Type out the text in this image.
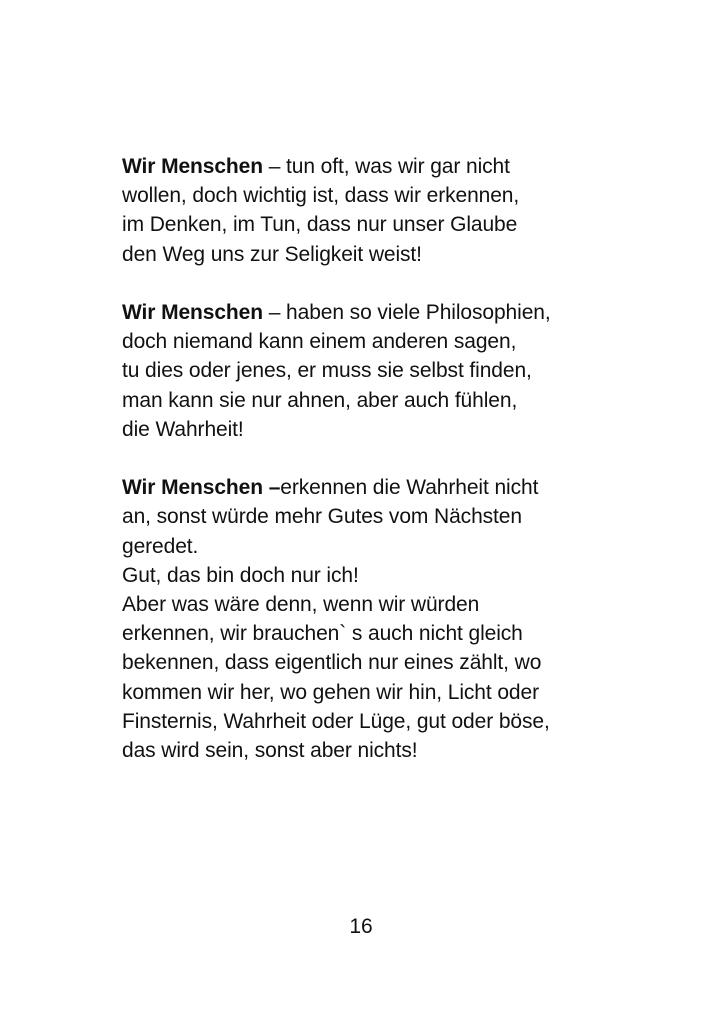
Wir Menschen – tun oft, was wir gar nicht
wollen, doch wichtig ist, dass wir erkennen,
im Denken, im Tun, dass nur unser Glaube
den Weg uns zur Seligkeit weist!

Wir Menschen – haben so viele Philosophien,
doch niemand kann einem anderen sagen,
tu dies oder jenes, er muss sie selbst finden,
man kann sie nur ahnen, aber auch fühlen,
die Wahrheit!

Wir Menschen –erkennen die Wahrheit nicht
an, sonst würde mehr Gutes vom Nächsten
geredet.
Gut, das bin doch nur ich!
Aber was wäre denn, wenn wir würden
erkennen, wir brauchen` s auch nicht gleich
bekennen, dass eigentlich nur eines zählt, wo
kommen wir her, wo gehen wir hin, Licht oder
Finsternis, Wahrheit oder Lüge, gut oder böse,
das wird sein, sonst aber nichts!

16
